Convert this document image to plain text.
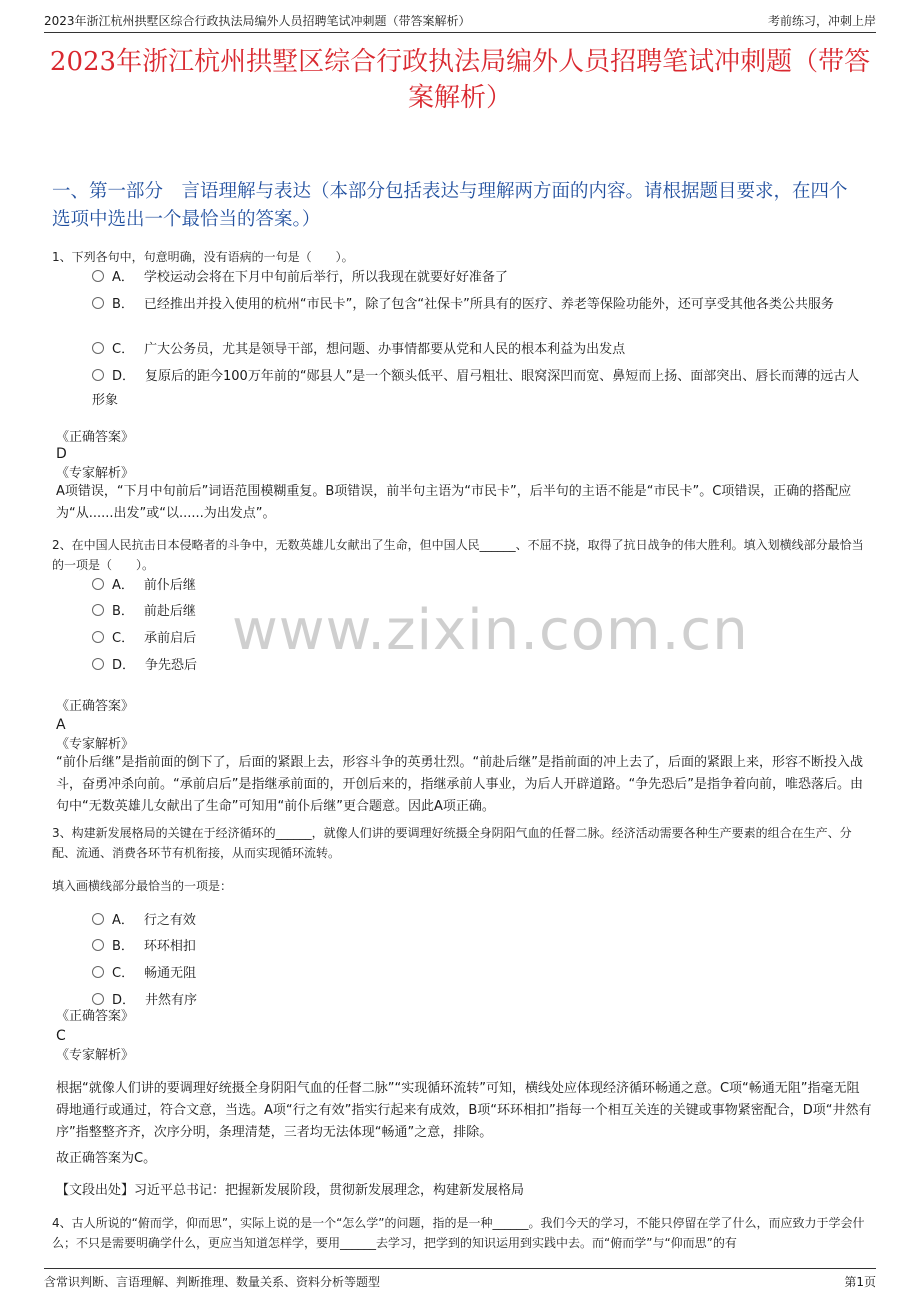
2023年浙江杭州拱墅区综合行政执法局编外人员招聘笔试冲刺题（带答案解析）	考前练习，冲刺上岸
2023年浙江杭州拱墅区综合行政执法局编外人员招聘笔试冲刺题（带答案解析）
一、第一部分　言语理解与表达（本部分包括表达与理解两方面的内容。请根据题目要求，在四个选项中选出一个最恰当的答案。）
1、下列各句中，句意明确，没有语病的一句是（　　）。
A． 学校运动会将在下月中旬前后举行，所以我现在就要好好准备了
B． 已经推出并投入使用的杭州“市民卡”，除了包含“社保卡”所具有的医疗、养老等保险功能外，还可享受其他各类公共服务
C． 广大公务员，尤其是领导干部，想问题、办事情都要从党和人民的根本利益为出发点
D． 复原后的距今100万年前的“郧县人”是一个额头低平、眉弓粗壮、眼窝深凹而宽、鼻短而上扬、面部突出、唇长而薄的远古人形象
《正确答案》
D
《专家解析》
A项错误，“下月中旬前后”词语范围模糊重复。B项错误，前半句主语为“市民卡”，后半句的主语不能是“市民卡”。C项错误，正确的搭配应为“从......出发”或“以......为出发点”。
2、在中国人民抗击日本侵略者的斗争中，无数英雄儿女献出了生命，但中国人民______、不屈不挠，取得了抗日战争的伟大胜利。填入划横线部分最恰当的一项是（　　）。
A． 前仆后继
B． 前赴后继
C． 承前启后
D． 争先恐后
《正确答案》
A
《专家解析》
“前仆后继”是指前面的倒下了，后面的紧跟上去，形容斗争的英勇壮烈。“前赴后继”是指前面的冲上去了，后面的紧跟上来，形容不断投入战斗，奋勇冲杀向前。“承前启后”是指继承前面的，开创后来的，指继承前人事业，为后人开辟道路。“争先恐后”是指争着向前，唯恐落后。由句中“无数英雄儿女献出了生命”可知用“前仆后继”更合题意。因此A项正确。
www.zixin.com.cn
3、构建新发展格局的关键在于经济循环的______，就像人们讲的要调理好统摄全身阴阳气血的任督二脉。经济活动需要各种生产要素的组合在生产、分配、流通、消费各环节有机衔接，从而实现循环流转。
填入画横线部分最恰当的一项是：
A． 行之有效
B． 环环相扣
C． 畅通无阻
D． 井然有序
《正确答案》
C
《专家解析》
根据“就像人们讲的要调理好统摄全身阴阳气血的任督二脉”“实现循环流转”可知，横线处应体现经济循环畅通之意。C项“畅通无阻”指毫无阻碍地通行或通过，符合文意，当选。A项“行之有效”指实行起来有成效，B项“环环相扣”指每一个相互关连的关键或事物紧密配合，D项“井然有序”指整整齐齐，次序分明，条理清楚，三者均无法体现“畅通”之意，排除。
故正确答案为C。
【文段出处】习近平总书记：把握新发展阶段，贯彻新发展理念，构建新发展格局
4、古人所说的“俯而学，仰而思”，实际上说的是一个“怎么学”的问题，指的是一种______。我们今天的学习，不能只停留在学了什么，而应致力于学会什么；不只是需要明确学什么，更应当知道怎样学，要用______去学习，把学到的知识运用到实践中去。而“俯而学”与“仰而思”的有
含常识判断、言语理解、判断推理、数量关系、资料分析等题型	第1页
